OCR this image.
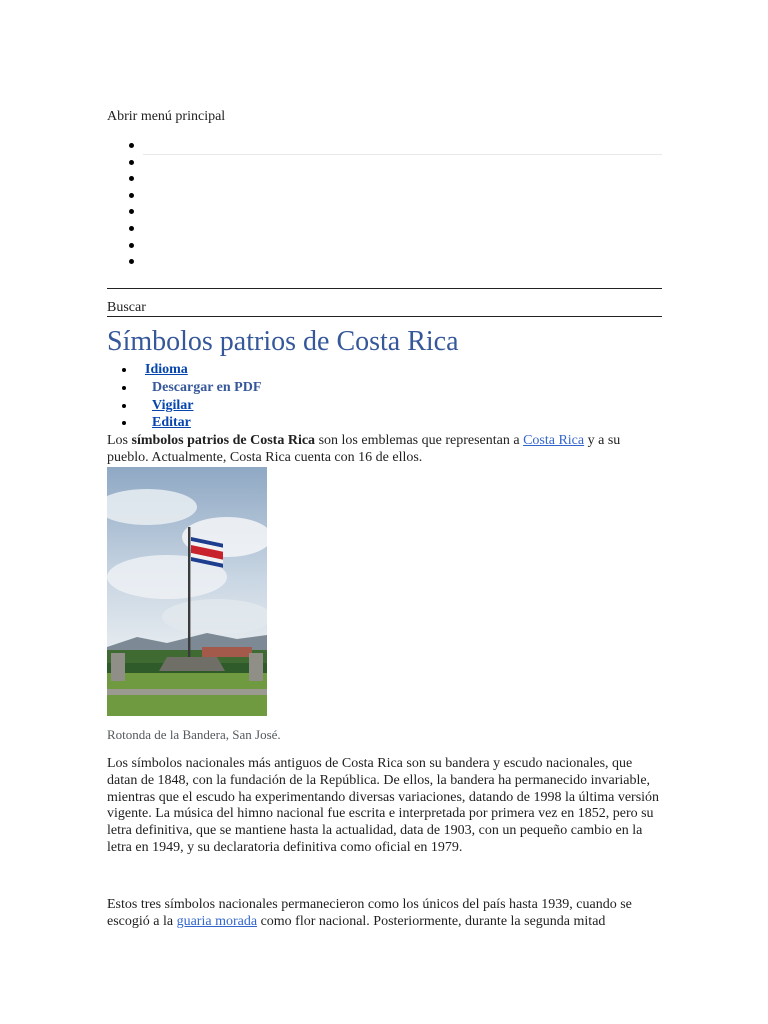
Abrir menú principal
Buscar
Símbolos patrios de Costa Rica
Idioma
Descargar en PDF
Vigilar
Editar

Los símbolos patrios de Costa Rica son los emblemas que representan a Costa Rica y a su pueblo. Actualmente, Costa Rica cuenta con 16 de ellos.

Rotonda de la Bandera, San José.

Los símbolos nacionales más antiguos de Costa Rica son su bandera y escudo nacionales, que datan de 1848, con la fundación de la República. De ellos, la bandera ha permanecido invariable, mientras que el escudo ha experimentando diversas variaciones, datando de 1998 la última versión vigente. La música del himno nacional fue escrita e interpretada por primera vez en 1852, pero su letra definitiva, que se mantiene hasta la actualidad, data de 1903, con un pequeño cambio en la letra en 1949, y su declaratoria definitiva como oficial en 1979.

Estos tres símbolos nacionales permanecieron como los únicos del país hasta 1939, cuando se escogió a la guaria morada como flor nacional. Posteriormente, durante la segunda mitad
